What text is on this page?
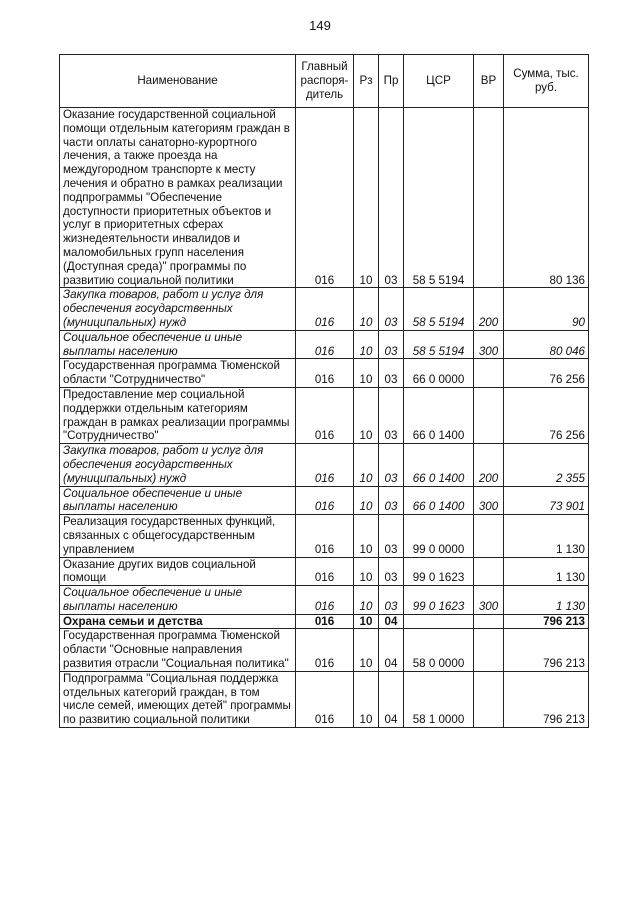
149
Наименование	Главный распоря-дитель	Рз	Пр	ЦСР	ВР	Сумма, тыс. руб.
Оказание государственной социальной помощи отдельным категориям граждан в части оплаты санаторно-курортного лечения, а также проезда на междугородном транспорте к месту лечения и обратно в рамках реализации подпрограммы "Обеспечение доступности приоритетных объектов и услуг в приоритетных сферах жизнедеятельности инвалидов и маломобильных групп населения (Доступная среда)" программы по развитию социальной политики	016	10	03	58 5 5194		80 136
Закупка товаров, работ и услуг для обеспечения государственных (муниципальных) нужд	016	10	03	58 5 5194	200	90
Социальное обеспечение и иные выплаты населению	016	10	03	58 5 5194	300	80 046
Государственная программа Тюменской области "Сотрудничество"	016	10	03	66 0 0000		76 256
Предоставление мер социальной поддержки отдельным категориям граждан в рамках реализации программы "Сотрудничество"	016	10	03	66 0 1400		76 256
Закупка товаров, работ и услуг для обеспечения государственных (муниципальных) нужд	016	10	03	66 0 1400	200	2 355
Социальное обеспечение и иные выплаты населению	016	10	03	66 0 1400	300	73 901
Реализация государственных функций, связанных с общегосударственным управлением	016	10	03	99 0 0000		1 130
Оказание других видов социальной помощи	016	10	03	99 0 1623		1 130
Социальное обеспечение и иные выплаты населению	016	10	03	99 0 1623	300	1 130
Охрана семьи и детства	016	10	04			796 213
Государственная программа Тюменской области "Основные направления развития отрасли "Социальная политика"	016	10	04	58 0 0000		796 213
Подпрограмма "Социальная поддержка отдельных категорий граждан, в том числе семей, имеющих детей" программы по развитию социальной политики	016	10	04	58 1 0000		796 213
